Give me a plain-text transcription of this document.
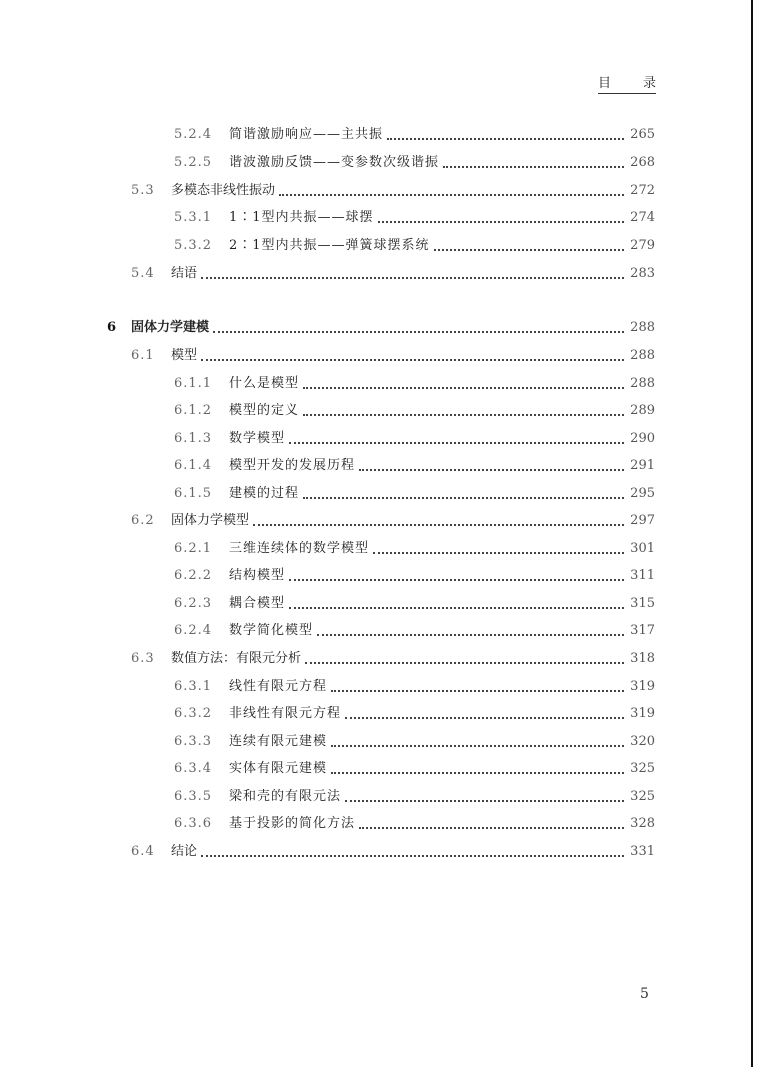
目 录
5.2.4	简谐激励响应——主共振	265
5.2.5	谐波激励反馈——变参数次级谐振	268
5.3	多模态非线性振动	272
5.3.1	1∶1型内共振——球摆	274
5.3.2	2∶1型内共振——弹簧球摆系统	279
5.4	结语	283
6	固体力学建模	288
6.1	模型	288
6.1.1	什么是模型	288
6.1.2	模型的定义	289
6.1.3	数学模型	290
6.1.4	模型开发的发展历程	291
6.1.5	建模的过程	295
6.2	固体力学模型	297
6.2.1	三维连续体的数学模型	301
6.2.2	结构模型	311
6.2.3	耦合模型	315
6.2.4	数学简化模型	317
6.3	数值方法：有限元分析	318
6.3.1	线性有限元方程	319
6.3.2	非线性有限元方程	319
6.3.3	连续有限元建模	320
6.3.4	实体有限元建模	325
6.3.5	梁和壳的有限元法	325
6.3.6	基于投影的简化方法	328
6.4	结论	331
5
